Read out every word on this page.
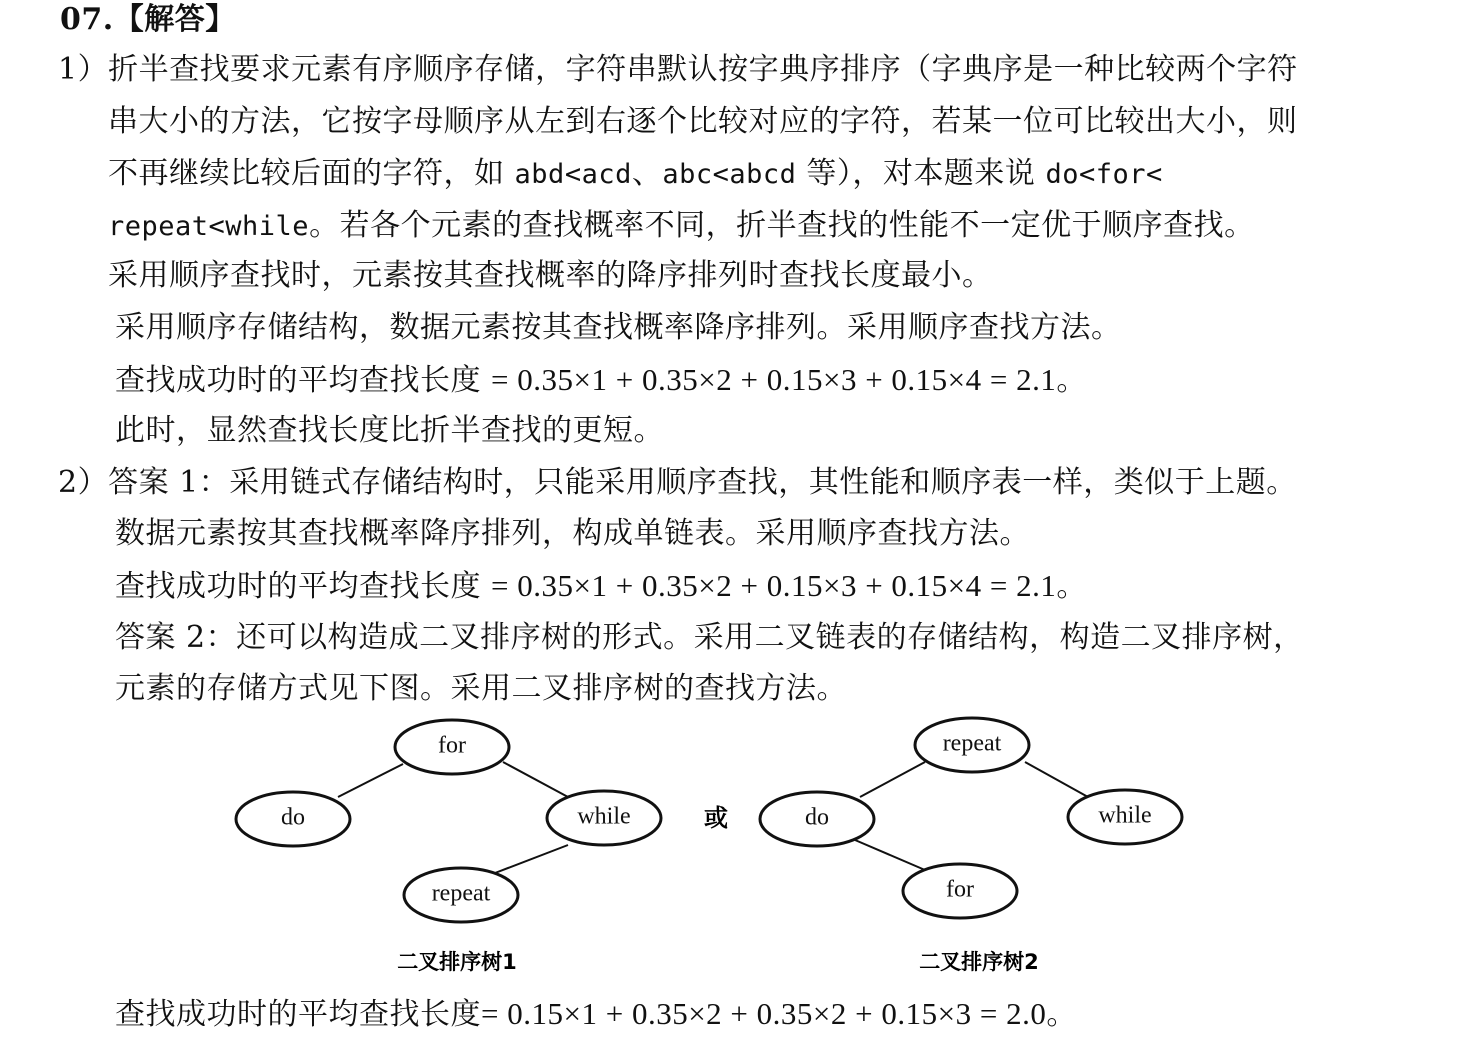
07.【解答】
1）折半查找要求元素有序顺序存储，字符串默认按字典序排序（字典序是一种比较两个字符
串大小的方法，它按字母顺序从左到右逐个比较对应的字符，若某一位可比较出大小，则
不再继续比较后面的字符，如 abd<acd、abc<abcd 等），对本题来说 do<for<
repeat<while。若各个元素的查找概率不同，折半查找的性能不一定优于顺序查找。
采用顺序查找时，元素按其查找概率的降序排列时查找长度最小。
采用顺序存储结构，数据元素按其查找概率降序排列。采用顺序查找方法。
查找成功时的平均查找长度 = 0.35×1 + 0.35×2 + 0.15×3 + 0.15×4 = 2.1。
此时，显然查找长度比折半查找的更短。
2）答案 1：采用链式存储结构时，只能采用顺序查找，其性能和顺序表一样，类似于上题。
数据元素按其查找概率降序排列，构成单链表。采用顺序查找方法。
查找成功时的平均查找长度 = 0.35×1 + 0.35×2 + 0.15×3 + 0.15×4 = 2.1。
答案 2：还可以构造成二叉排序树的形式。采用二叉链表的存储结构，构造二叉排序树，
元素的存储方式见下图。采用二叉排序树的查找方法。
for
do	while
repeat
repeat
do	while
for
或
二叉排序树1	二叉排序树2
查找成功时的平均查找长度= 0.15×1 + 0.35×2 + 0.35×2 + 0.15×3 = 2.0。
